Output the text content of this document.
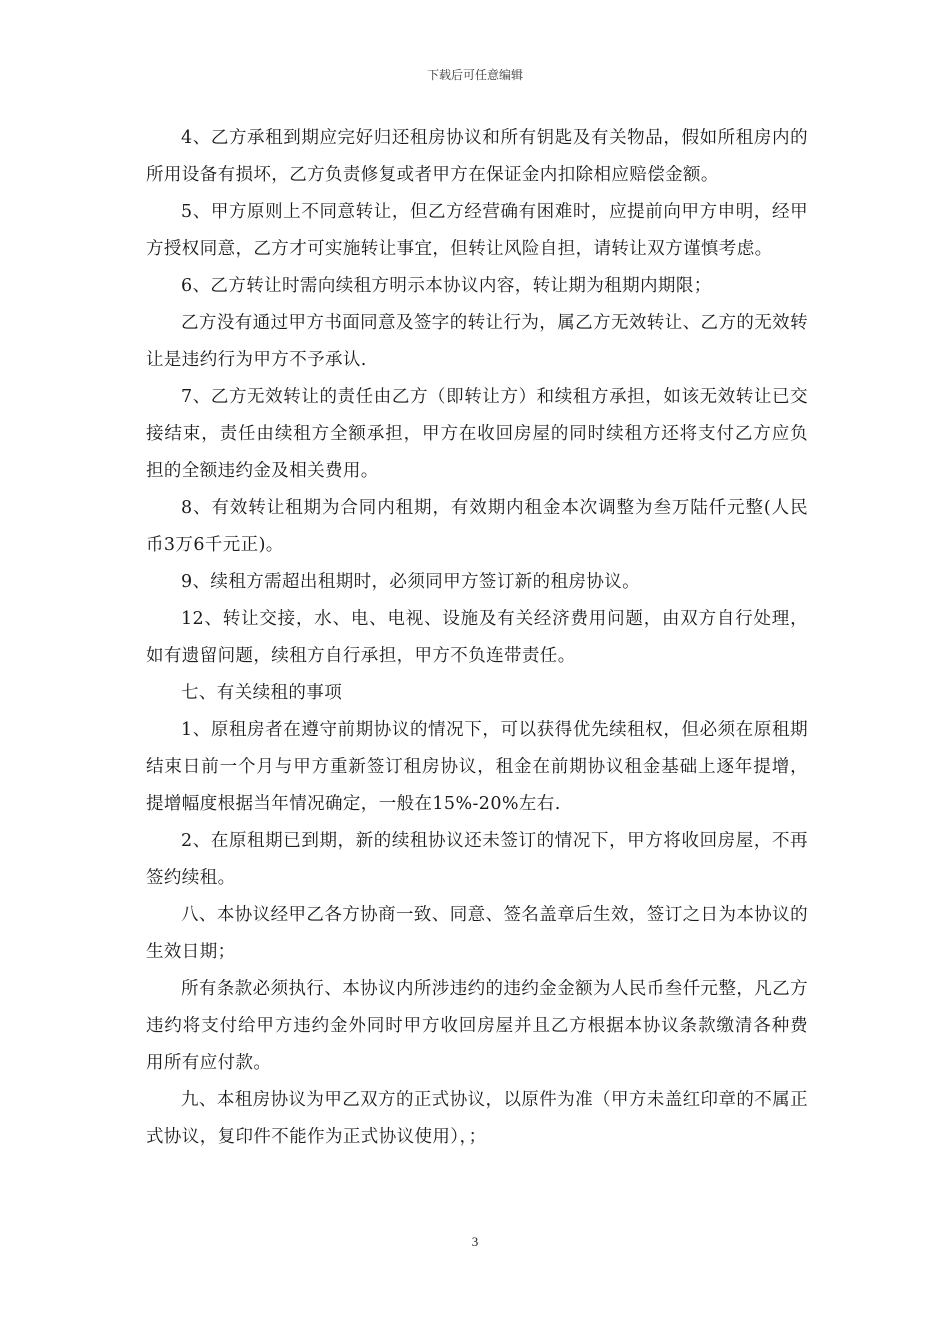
下载后可任意编辑

4、乙方承租到期应完好归还租房协议和所有钥匙及有关物品，假如所租房内的所用设备有损坏，乙方负责修复或者甲方在保证金内扣除相应赔偿金额。

5、甲方原则上不同意转让，但乙方经营确有困难时，应提前向甲方申明，经甲方授权同意，乙方才可实施转让事宜，但转让风险自担，请转让双方谨慎考虑。

6、乙方转让时需向续租方明示本协议内容，转让期为租期内期限；

乙方没有通过甲方书面同意及签字的转让行为，属乙方无效转让、乙方的无效转让是违约行为甲方不予承认.

7、乙方无效转让的责任由乙方（即转让方）和续租方承担，如该无效转让已交接结束，责任由续租方全额承担，甲方在收回房屋的同时续租方还将支付乙方应负担的全额违约金及相关费用。

8、有效转让租期为合同内租期，有效期内租金本次调整为叁万陆仟元整(人民币3万6千元正)。

9、续租方需超出租期时，必须同甲方签订新的租房协议。

12、转让交接，水、电、电视、设施及有关经济费用问题，由双方自行处理，如有遗留问题，续租方自行承担，甲方不负连带责任。

七、有关续租的事项

1、原租房者在遵守前期协议的情况下，可以获得优先续租权，但必须在原租期结束日前一个月与甲方重新签订租房协议，租金在前期协议租金基础上逐年提增，提增幅度根据当年情况确定，一般在15%-20%左右.

2、在原租期已到期，新的续租协议还未签订的情况下，甲方将收回房屋，不再签约续租。

八、本协议经甲乙各方协商一致、同意、签名盖章后生效，签订之日为本协议的生效日期；

所有条款必须执行、本协议内所涉违约的违约金金额为人民币叁仟元整，凡乙方违约将支付给甲方违约金外同时甲方收回房屋并且乙方根据本协议条款缴清各种费用所有应付款。

九、本租房协议为甲乙双方的正式协议，以原件为准（甲方未盖红印章的不属正式协议，复印件不能作为正式协议使用），；

3
